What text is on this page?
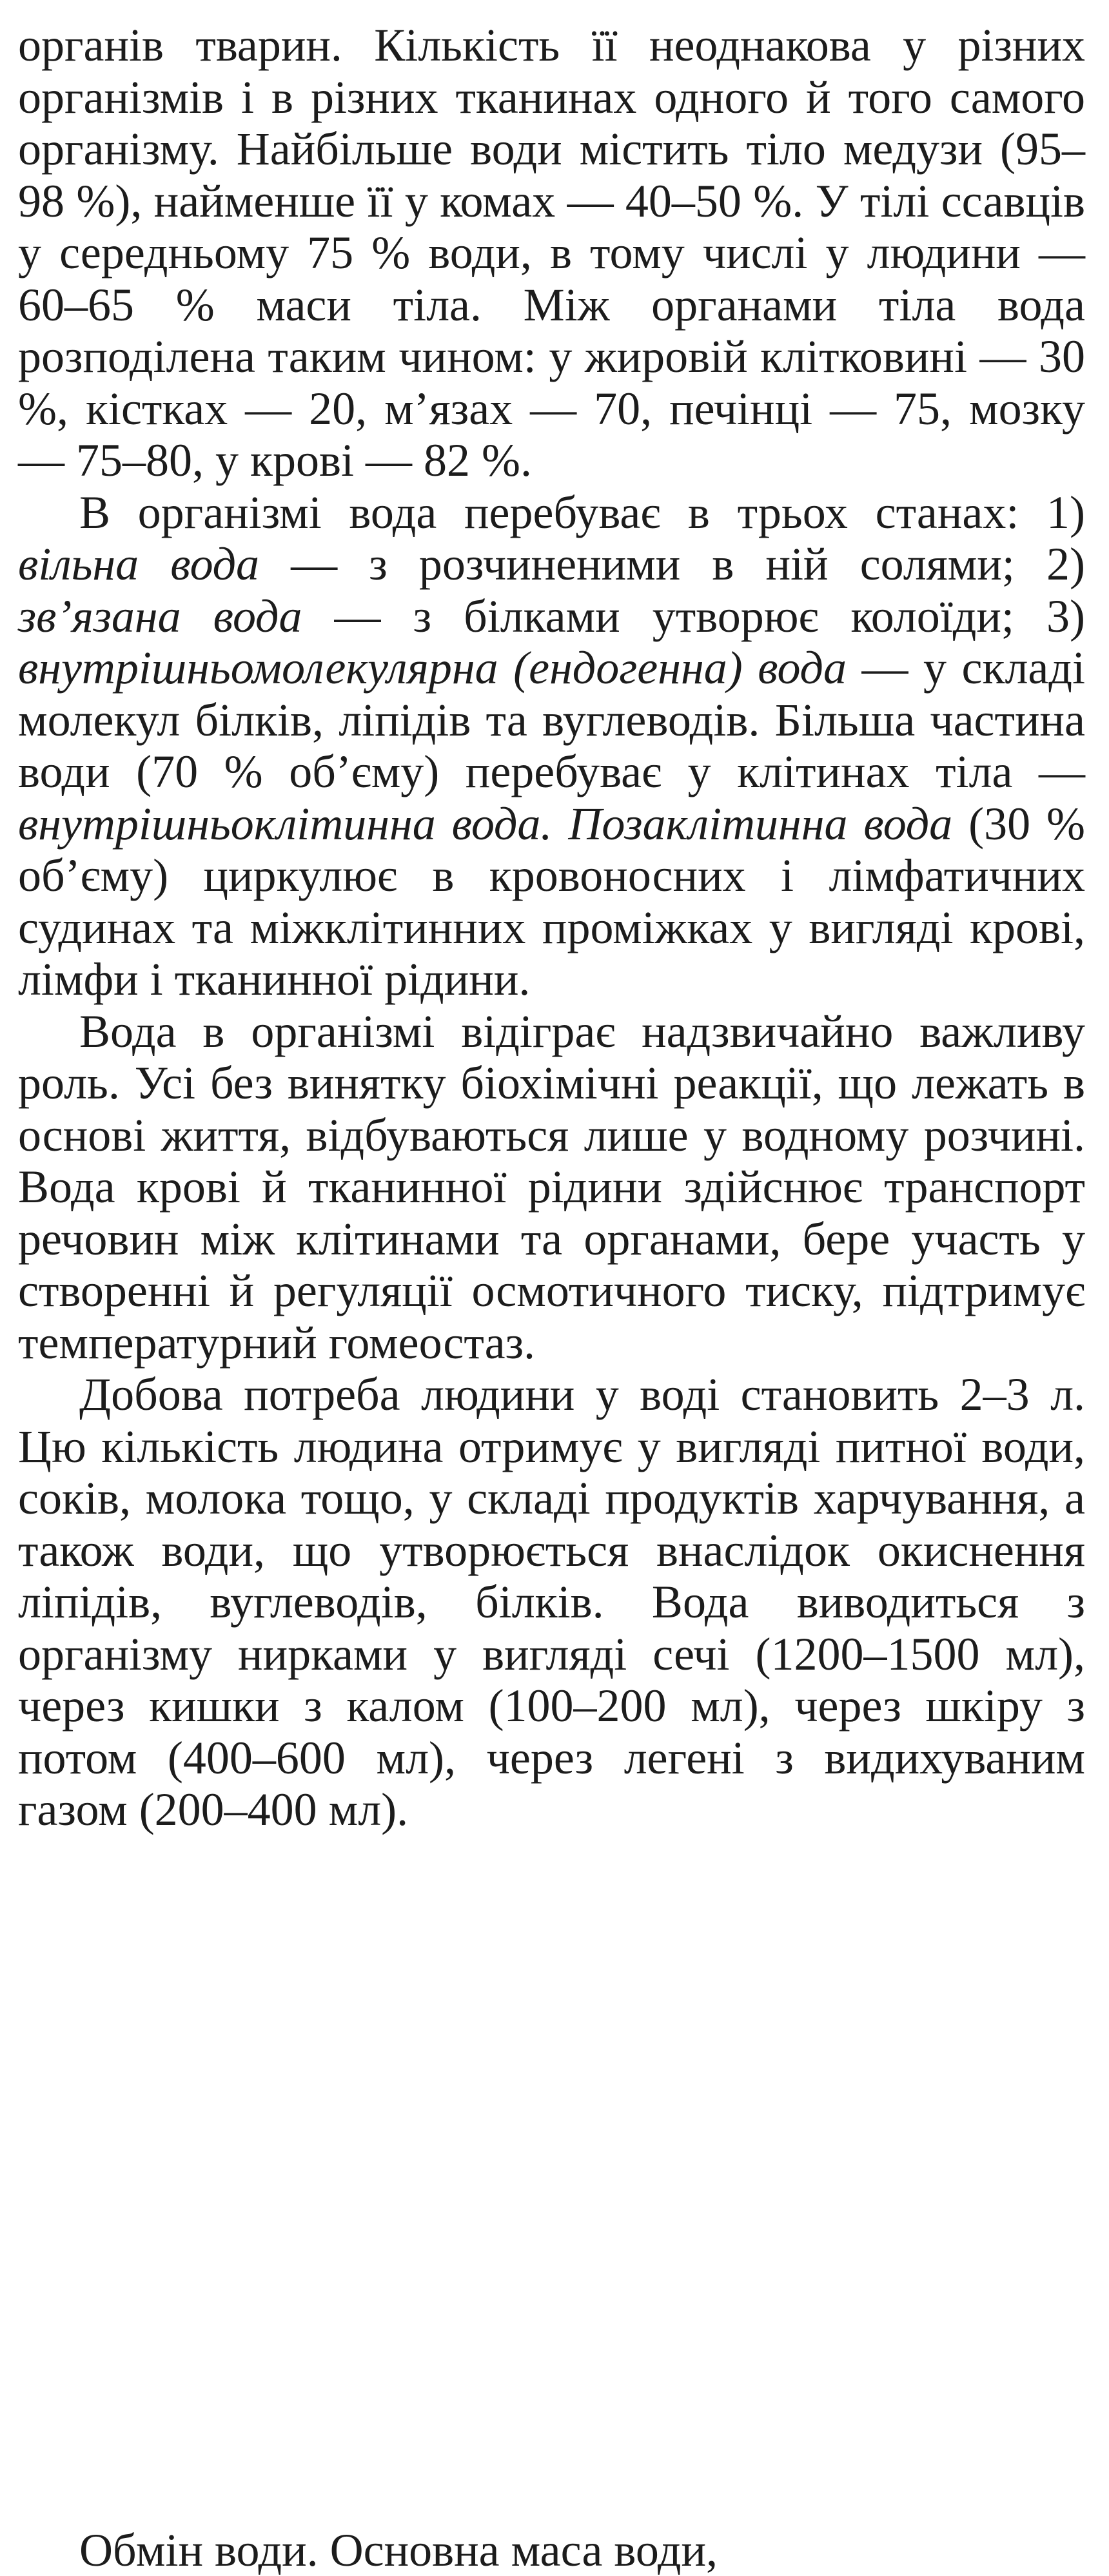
органів тварин. Кількість її неоднакова у різних організмів і в різних тканинах одного й того самого організму. Найбільше води містить тіло медузи (95–98 %), найменше її у комах — 40–50 %. У тілі ссавців у середньому 75 % води, в тому числі у людини — 60–65 % маси тіла. Між органами тіла вода розподілена таким чином: у жировій клітковині — 30 %, кістках — 20, м’язах — 70, печінці — 75, мозку — 75–80, у крові — 82 %.

В організмі вода перебуває в трьох станах: 1) вільна вода — з розчиненими в ній солями; 2) зв’язана вода — з білками утворює колоїди; 3) внутрішньомолекулярна (ендогенна) вода — у складі молекул білків, ліпідів та вуглеводів. Більша частина води (70 % об’єму) перебуває у клітинах тіла — внутрішньоклітинна вода. Позаклітинна вода (30 % об’єму) циркулює в кровоносних і лімфатичних судинах та міжклітинних проміжках у вигляді крові, лімфи і тканинної рідини.

Вода в організмі відіграє надзвичайно важливу роль. Усі без винятку біохімічні реакції, що лежать в основі життя, відбуваються лише у водному розчині. Вода крові й тканинної рідини здійснює транспорт речовин між клітинами та органами, бере участь у створенні й регуляції осмотичного тиску, підтримує температурний гомеостаз.

Добова потреба людини у воді становить 2–3 л. Цю кількість людина отримує у вигляді питної води, соків, молока тощо, у складі продуктів харчування, а також води, що утворюється внаслідок окиснення ліпідів, вуглеводів, білків. Вода виводиться з організму нирками у вигляді сечі (1200–1500 мл), через кишки з калом (100–200 мл), через шкіру з потом (400–600 мл), через легені з видихуваним газом (200–400 мл).

Обмін води. Основна маса води,
